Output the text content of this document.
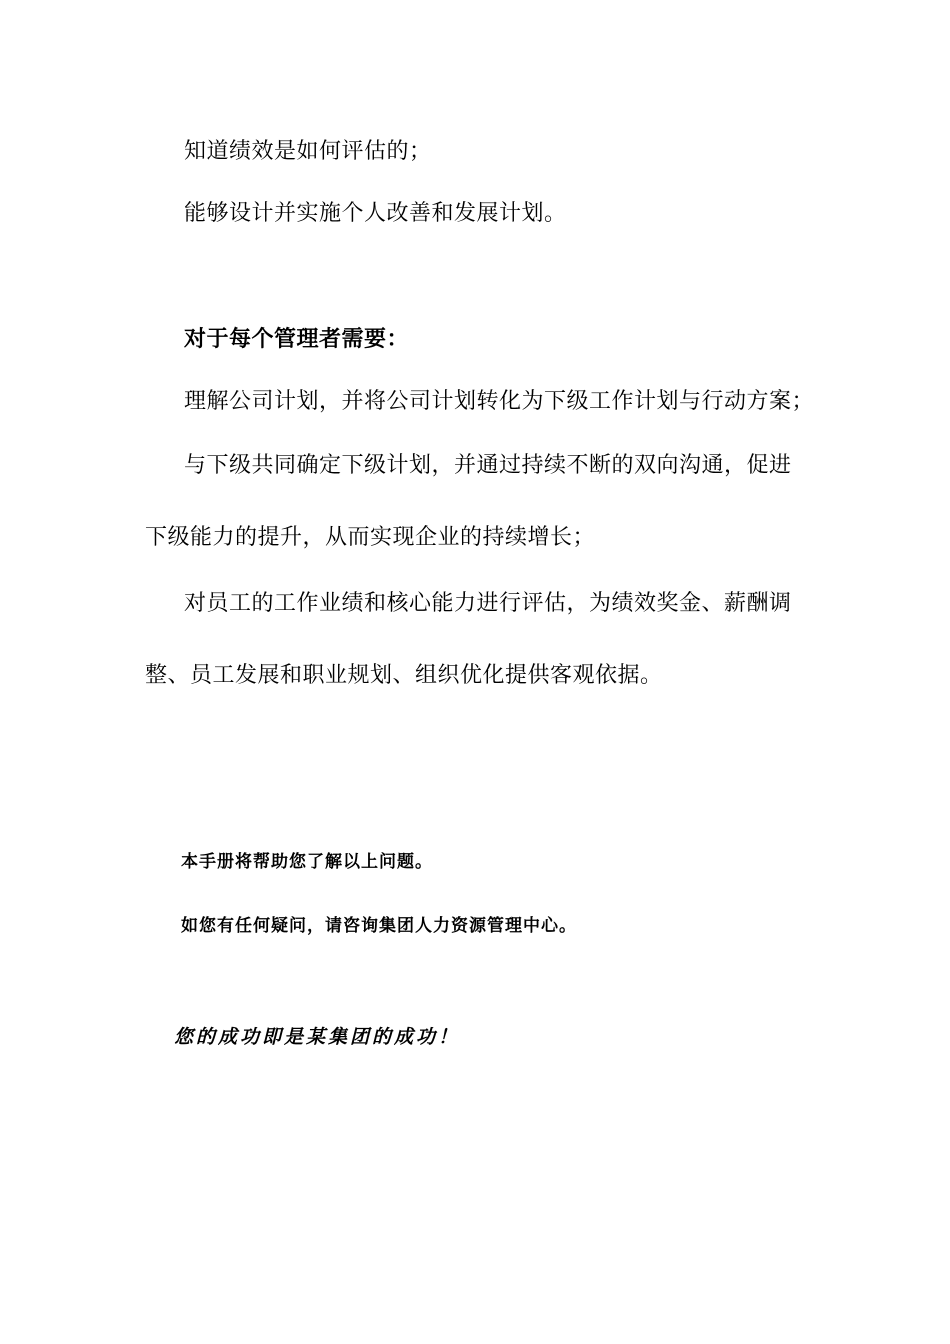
知道绩效是如何评估的；
能够设计并实施个人改善和发展计划。
对于每个管理者需要：
理解公司计划，并将公司计划转化为下级工作计划与行动方案；
与下级共同确定下级计划，并通过持续不断的双向沟通，促进
下级能力的提升，从而实现企业的持续增长；
对员工的工作业绩和核心能力进行评估，为绩效奖金、薪酬调
整、员工发展和职业规划、组织优化提供客观依据。
本手册将帮助您了解以上问题。
如您有任何疑问，请咨询集团人力资源管理中心。
您的成功即是某集团的成功！
